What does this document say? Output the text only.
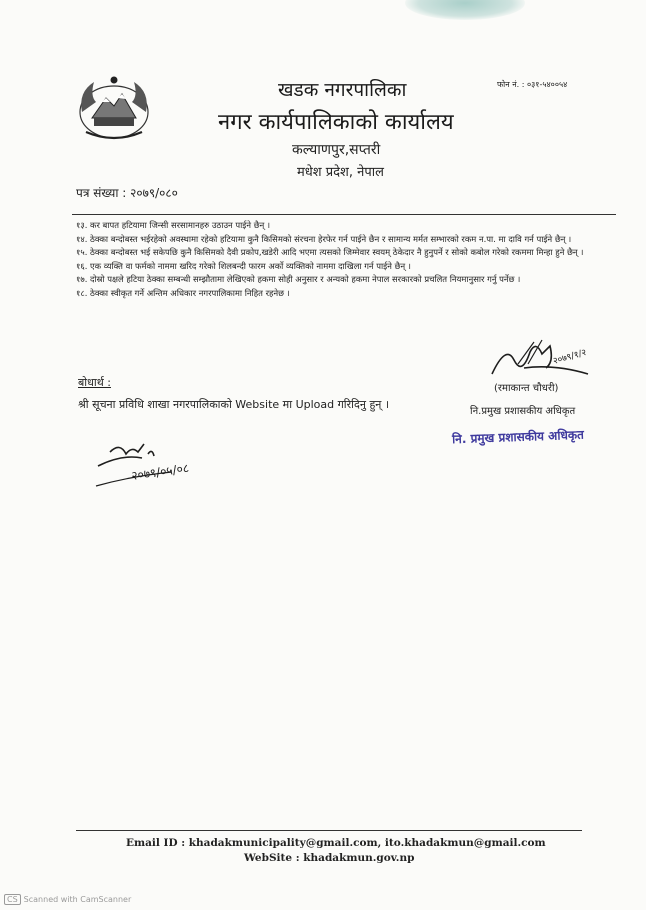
खडक नगरपालिका
नगर कार्यपालिकाको कार्यालय
कल्याणपुर,सप्तरी
मधेश प्रदेश, नेपाल
फोन नं. : ०३१-५४००५४
पत्र संख्या : २०७९/०८०

१३. कर बापत हटियामा जिन्सी सरसामानहरु उठाउन पाईने छैन् ।

१४. ठेक्का बन्दोबस्त भईरहेको अवस्थामा रहेको हटियामा कुनै किसिमको संरचना हेरफेर गर्न पाईने छैन र सामान्य मर्मत सम्भारको रकम न.पा. मा दावि गर्न पाईने छैन् ।

१५. ठेक्का बन्दोबस्त भई सकेपछि कुनै किसिमको दैवी प्रकोप,खडेरी आदि भएमा त्यसको जिम्मेवार स्वयम् ठेकेदार नै हुनुपर्ने र सोको कबोल गरेको रकममा मिन्हा हुने छैन् ।

१६. एक व्यक्ति वा फर्मको नाममा खरिद गरेको शिलबन्दी फारम अर्को व्यक्तिको नाममा दाखिला गर्न पाईने छैन् ।

१७. दोस्रो पक्षले हटिया ठेक्का सम्बन्धी सम्झौतामा लेखिएको हकमा सोही अनुसार र अन्यको हकमा नेपाल सरकारको प्रचलित नियमानुसार गर्नु पर्नेछ ।

१८. ठेक्का स्वीकृत गर्ने अन्तिम अधिकार नगरपालिकामा निहित रहनेछ ।

२०७९/१/२
(रमाकान्त चौधरी)
नि.प्रमुख प्रशासकीय अधिकृत
नि. प्रमुख प्रशासकीय अधिकृत
बोधार्थ :
श्री सूचना प्रविधि शाखा नगरपालिकाको Website मा Upload गरिदिनु हुन् ।
२०७९/०५/०८
Email ID : khadakmunicipality@gmail.com, ito.khadakmun@gmail.com
WebSite : khadakmun.gov.np
CS Scanned with CamScanner
